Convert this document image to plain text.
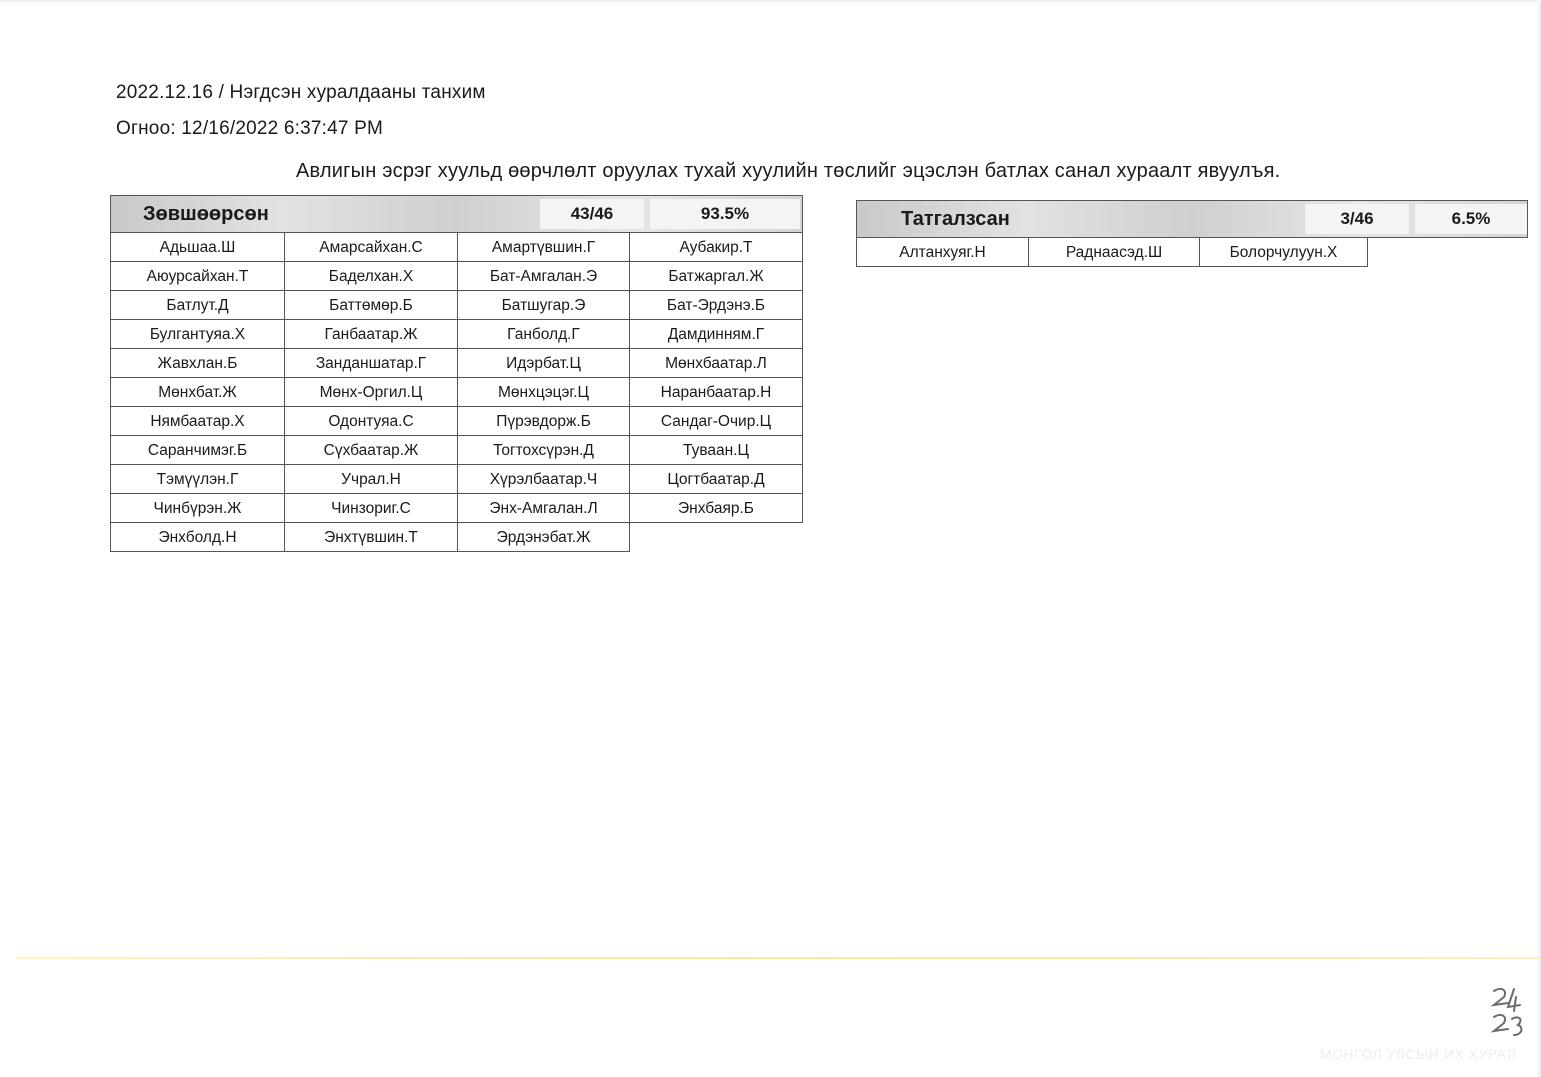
2022.12.16 / Нэгдсэн хуралдааны танхим
Огноо: 12/16/2022 6:37:47 PM
Авлигын эсрэг хуульд өөрчлөлт оруулах тухай хуулийн төслийг эцэслэн батлах санал хураалт явуулъя.
Зөвшөөрсөн	43/46	93.5%
Адьшаа.Ш	Амарсайхан.С	Амартүвшин.Г	Аубакир.Т
Аюурсайхан.Т	Баделхан.Х	Бат-Амгалан.Э	Батжаргал.Ж
Батлут.Д	Баттөмөр.Б	Батшугар.Э	Бат-Эрдэнэ.Б
Булгантуяа.Х	Ганбаатар.Ж	Ганболд.Г	Дамдинням.Г
Жавхлан.Б	Занданшатар.Г	Идэрбат.Ц	Мөнхбаатар.Л
Мөнхбат.Ж	Мөнх-Оргил.Ц	Мөнхцэцэг.Ц	Наранбаатар.Н
Нямбаатар.Х	Одонтуяа.С	Пүрэвдорж.Б	Сандаг-Очир.Ц
Саранчимэг.Б	Сүхбаатар.Ж	Тогтохсүрэн.Д	Туваан.Ц
Тэмүүлэн.Г	Учрал.Н	Хүрэлбаатар.Ч	Цогтбаатар.Д
Чинбүрэн.Ж	Чинзориг.С	Энх-Амгалан.Л	Энхбаяр.Б
Энхболд.Н	Энхтүвшин.Т	Эрдэнэбат.Ж
Татгалзсан	3/46	6.5%
Алтанхуяг.Н	Раднаасэд.Ш	Болорчулуун.Х
МОНГОЛ УЛСЫН ИХ ХУРАЛ
